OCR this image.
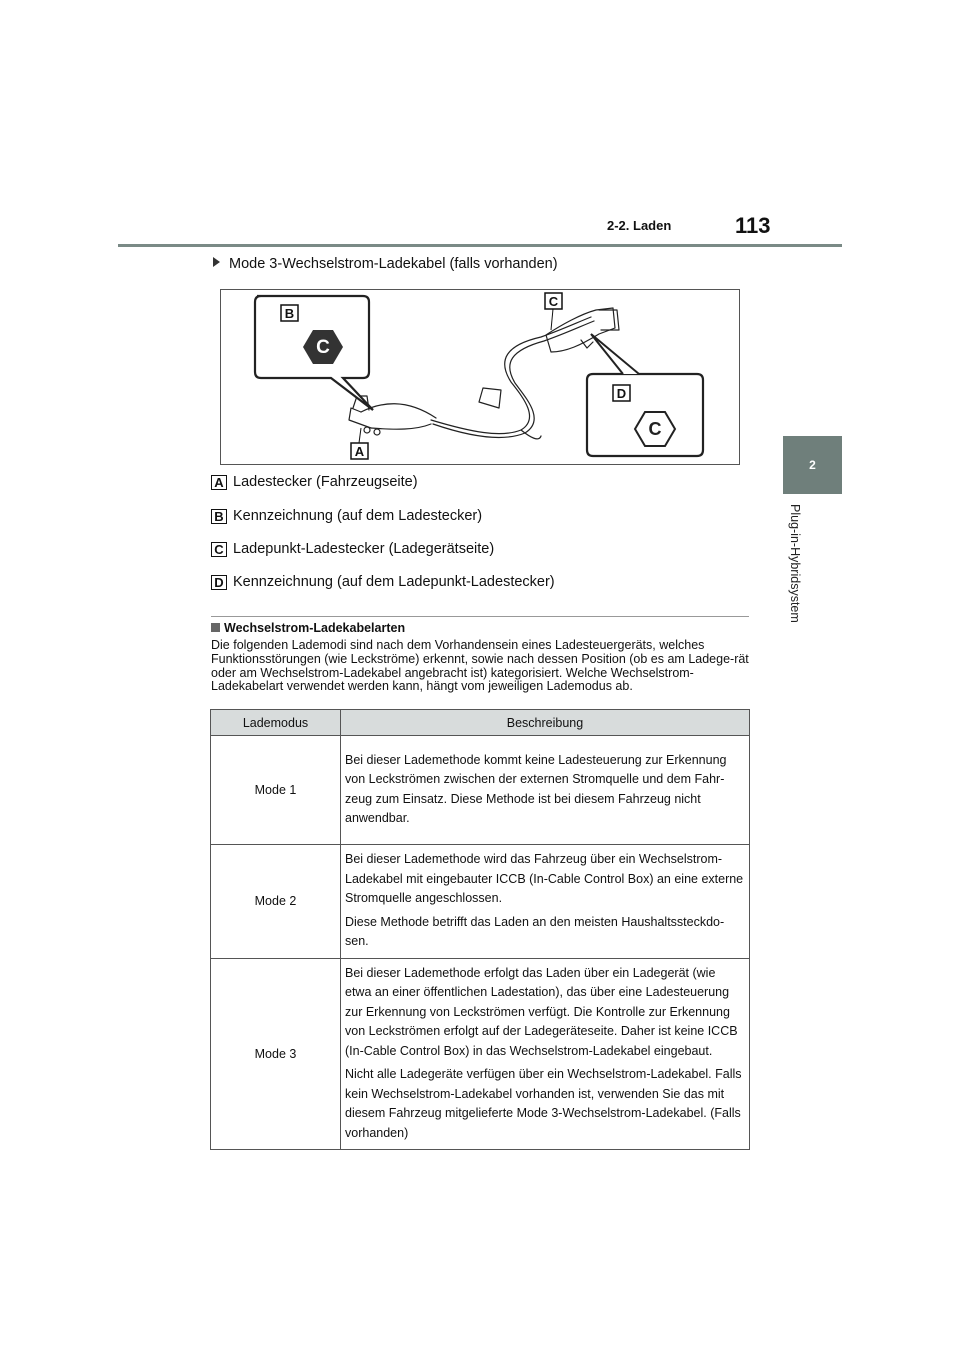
2-2. Laden	113
2
Plug-in-Hybridsystem
Mode 3-Wechselstrom-Ladekabel (falls vorhanden)
C
C
B
C
D
A
A Ladestecker (Fahrzeugseite)
B Kennzeichnung (auf dem Ladestecker)
C Ladepunkt-Ladestecker (Ladegerätseite)
D Kennzeichnung (auf dem Ladepunkt-Ladestecker)
Wechselstrom-Ladekabelarten
Die folgenden Lademodi sind nach dem Vorhandensein eines Ladesteuergeräts, welches Funktionsstörungen (wie Leckströme) erkennt, sowie nach dessen Position (ob es am Ladege-rät oder am Wechselstrom-Ladekabel angebracht ist) kategorisiert. Welche Wechselstrom-Ladekabelart verwendet werden kann, hängt vom jeweiligen Lademodus ab.
Lademodus	Beschreibung
Mode 1	Bei dieser Lademethode kommt keine Ladesteuerung zur Erkennung von Leckströmen zwischen der externen Stromquelle und dem Fahr-zeug zum Einsatz. Diese Methode ist bei diesem Fahrzeug nicht anwendbar.

Mode 2	Bei dieser Lademethode wird das Fahrzeug über ein Wechselstrom-Ladekabel mit eingebauter ICCB (In-Cable Control Box) an eine externe Stromquelle angeschlossen.

Diese Methode betrifft das Laden an den meisten Haushaltssteckdo-sen.

Mode 3	Bei dieser Lademethode erfolgt das Laden über ein Ladegerät (wie etwa an einer öffentlichen Ladestation), das über eine Ladesteuerung zur Erkennung von Leckströmen verfügt. Die Kontrolle zur Erkennung von Leckströmen erfolgt auf der Ladegeräteseite. Daher ist keine ICCB (In-Cable Control Box) in das Wechselstrom-Ladekabel eingebaut.

Nicht alle Ladegeräte verfügen über ein Wechselstrom-Ladekabel. Falls kein Wechselstrom-Ladekabel vorhanden ist, verwenden Sie das mit diesem Fahrzeug mitgelieferte Mode 3-Wechselstrom-Ladekabel. (Falls vorhanden)
